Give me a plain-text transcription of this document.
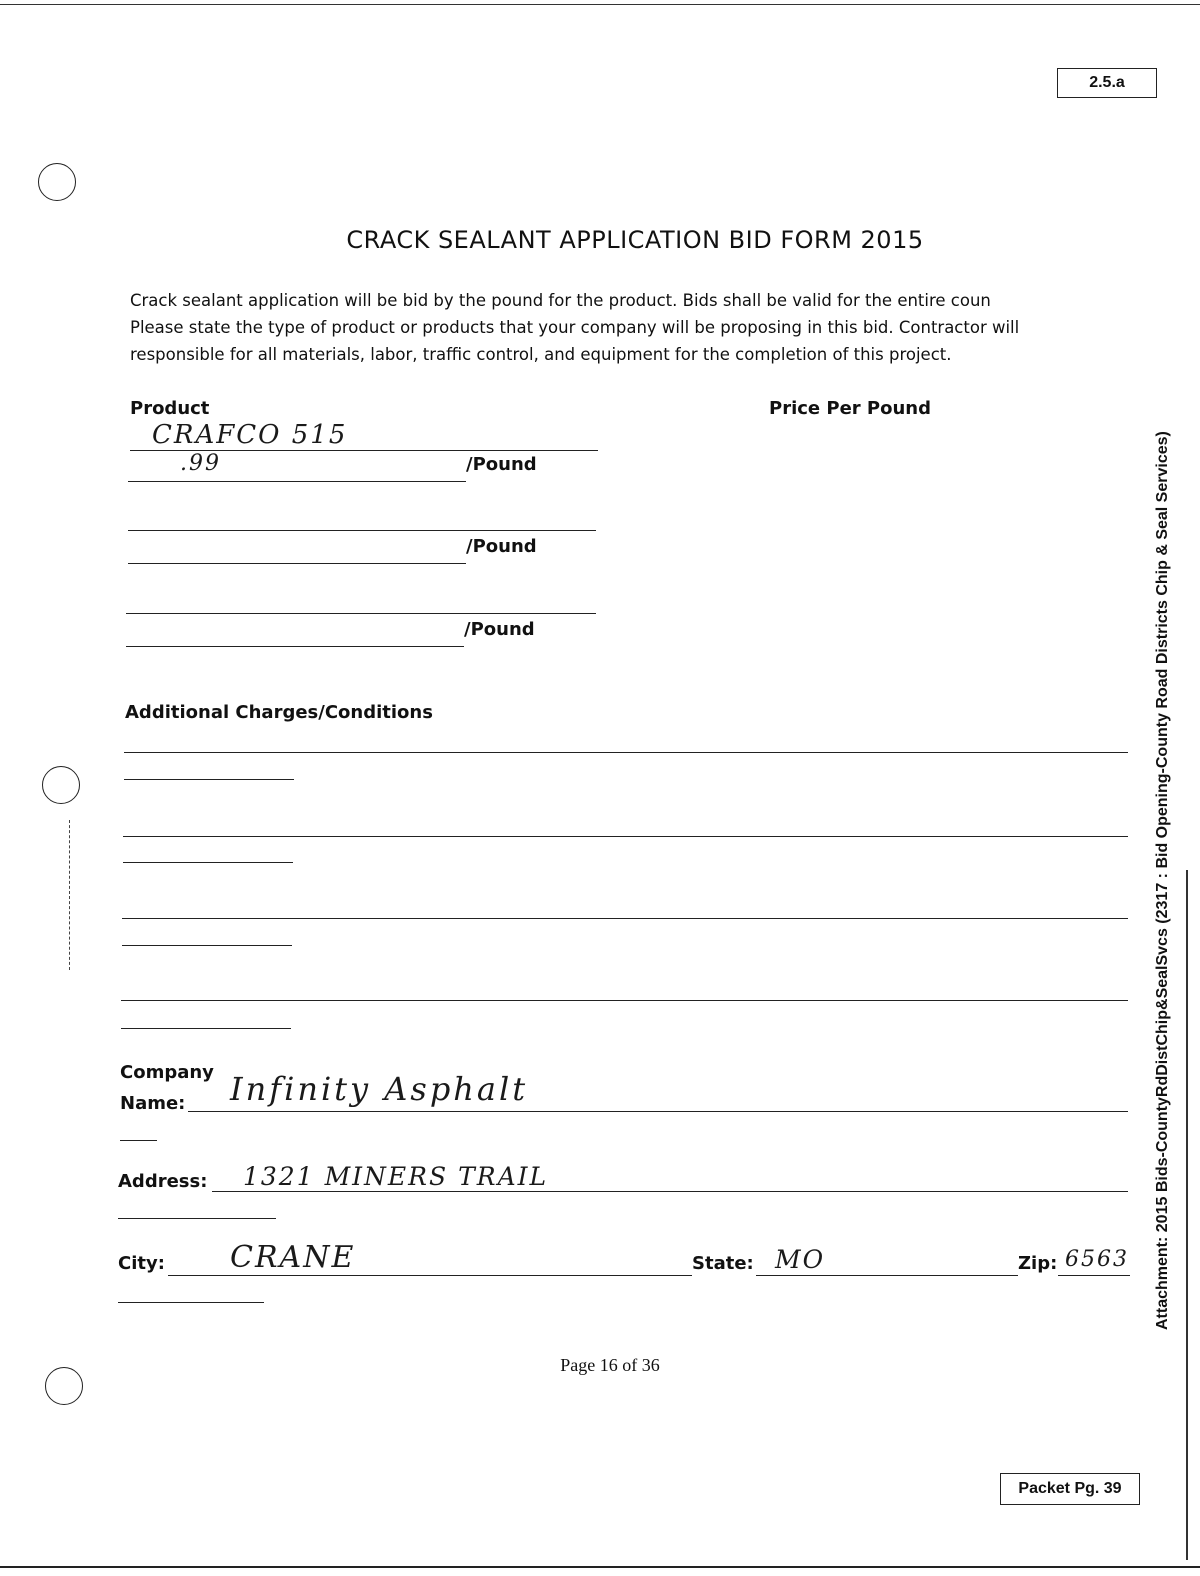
2.5.a
CRACK SEALANT APPLICATION BID FORM 2015
Crack sealant application will be bid by the pound for the product. Bids shall be valid for the entire coun
Please state the type of product or products that your company will be proposing in this bid. Contractor will
responsible for all materials, labor, traffic control, and equipment for the completion of this project.
Product	Price Per Pound
CRAFCO 515
.99	/Pound
/Pound
/Pound
Additional Charges/Conditions
Company
Name: Infinity Asphalt
Address: 1321 MINERS TRAIL
City: CRANE	State: MO	Zip: 6563
Page 16 of 36
Packet Pg. 39
Attachment: 2015 Bids-CountyRdDistChip&SealSvcs (2317 : Bid Opening-County Road Districts Chip & Seal Services)
